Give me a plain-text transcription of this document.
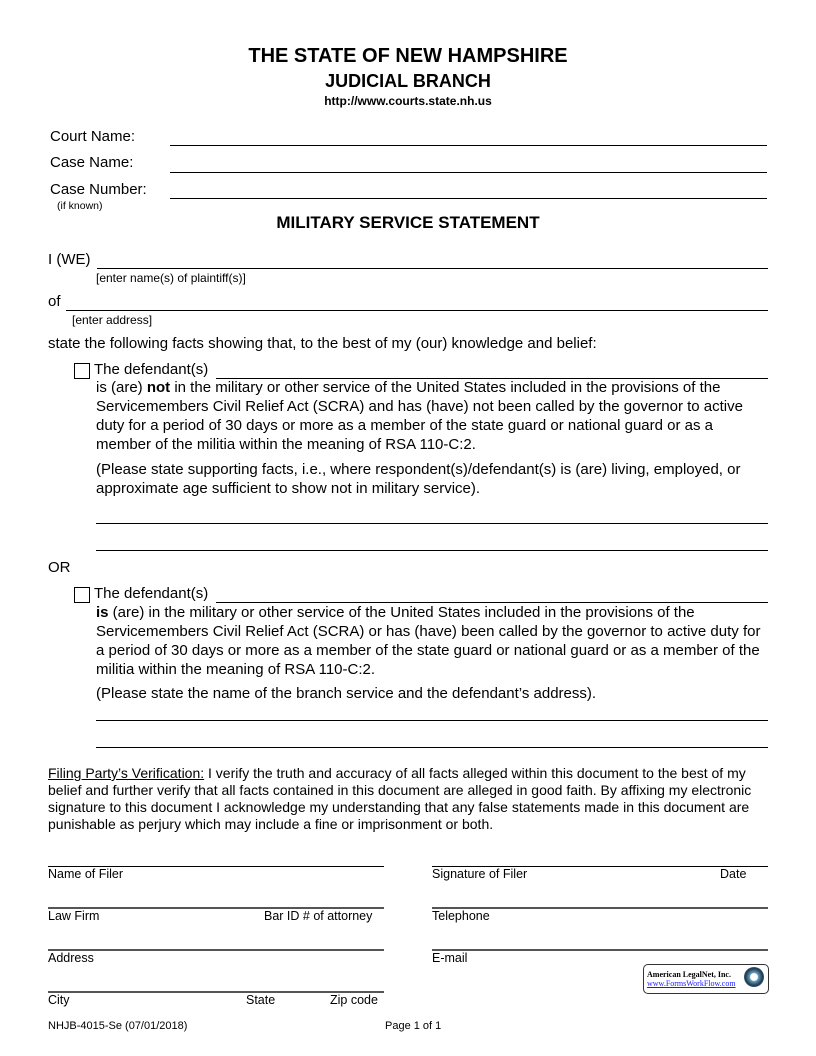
THE STATE OF NEW HAMPSHIRE
JUDICIAL BRANCH
http://www.courts.state.nh.us
Court Name:
Case Name:
Case Number:
(if known)
MILITARY SERVICE STATEMENT
I (WE)
[enter name(s) of plaintiff(s)]
of
[enter address]
state the following facts showing that, to the best of my (our) knowledge and belief:
The defendant(s)
is (are) not in the military or other service of the United States included in the provisions of the Servicemembers Civil Relief Act (SCRA) and has (have) not been called by the governor to active duty for a period of 30 days or more as a member of the state guard or national guard or as a member of the militia within the meaning of RSA 110-C:2.
(Please state supporting facts, i.e., where respondent(s)/defendant(s) is (are) living, employed, or approximate age sufficient to show not in military service).
OR
The defendant(s)
is (are) in the military or other service of the United States included in the provisions of the Servicemembers Civil Relief Act (SCRA) or has (have) been called by the governor to active duty for a period of 30 days or more as a member of the state guard or national guard or as a member of the militia within the meaning of RSA 110-C:2.
(Please state the name of the branch service and the defendant’s address).
Filing Party’s Verification: I verify the truth and accuracy of all facts alleged within this document to the best of my belief and further verify that all facts contained in this document are alleged in good faith. By affixing my electronic signature to this document I acknowledge my understanding that any false statements made in this document are punishable as perjury which may include a fine or imprisonment or both.
Name of Filer	Signature of Filer	Date
Law Firm	Bar ID # of attorney	Telephone
Address	E-mail
City	State	Zip code
American LegalNet, Inc.
www.FormsWorkFlow.com
NHJB-4015-Se (07/01/2018)	Page 1 of 1
